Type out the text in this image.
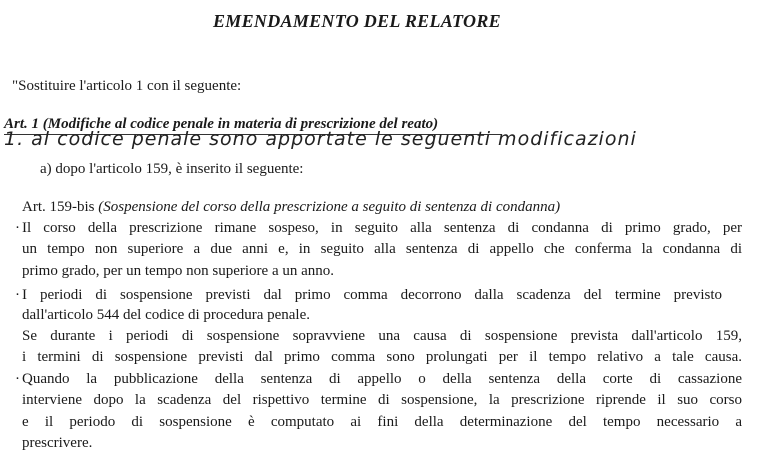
EMENDAMENTO DEL RELATORE
"Sostituire l'articolo 1 con il seguente:
Art. 1 (Modifiche al codice penale in materia di prescrizione del reato)
1. al codice penale sono apportate le seguenti modificazioni
a) dopo l'articolo 159, è inserito il seguente:
Art. 159-bis (Sospensione del corso della prescrizione a seguito di sentenza di condanna)
· Il corso della prescrizione rimane sospeso, in seguito alla sentenza di condanna di primo grado, per
un tempo non superiore a due anni e, in seguito alla sentenza di appello che conferma la condanna di
primo grado, per un tempo non superiore a un anno.
· I periodi di sospensione previsti dal primo comma decorrono dalla scadenza del termine previsto
dall'articolo 544 del codice di procedura penale.
Se durante i periodi di sospensione sopravviene una causa di sospensione prevista dall'articolo 159,
i termini di sospensione previsti dal primo comma sono prolungati per il tempo relativo a tale causa.
· Quando la pubblicazione della sentenza di appello o della sentenza della corte di cassazione
interviene dopo la scadenza del rispettivo termine di sospensione, la prescrizione riprende il suo corso
e il periodo di sospensione è computato ai fini della determinazione del tempo necessario a
prescrivere.
